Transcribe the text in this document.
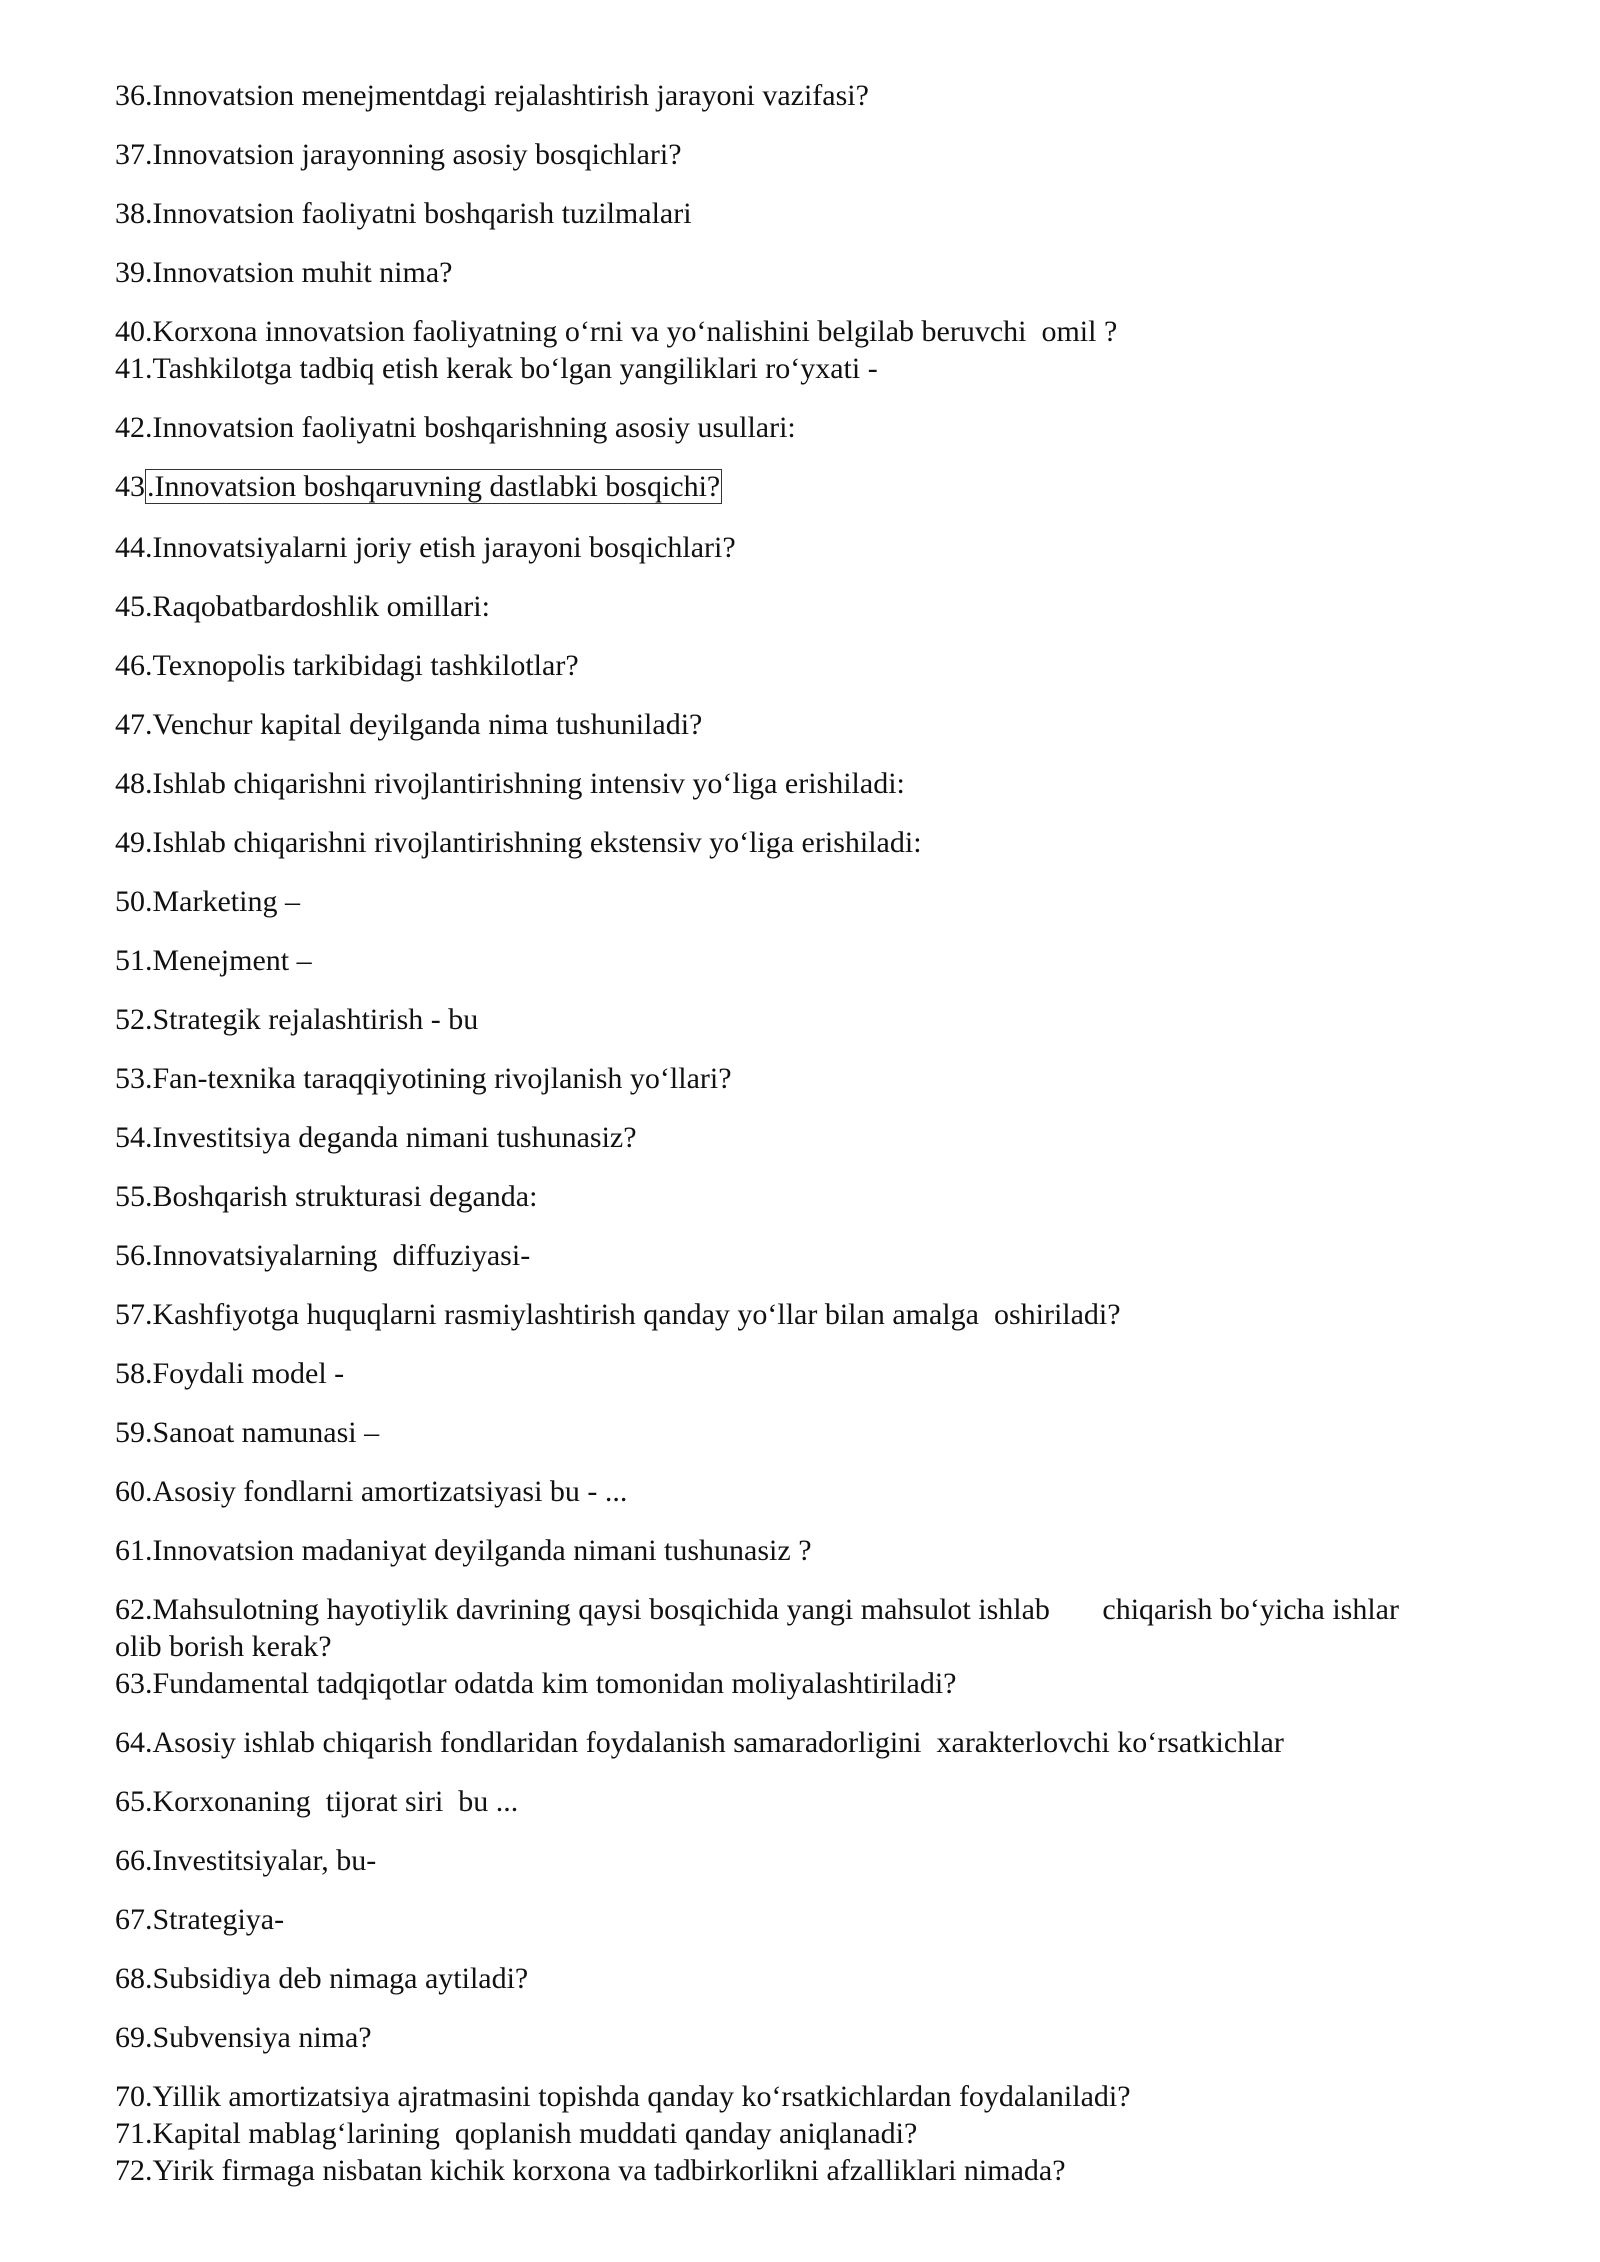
36.Innovatsion menejmentdagi rejalashtirish jarayoni vazifasi?
37.Innovatsion jarayonning asosiy bosqichlari?
38.Innovatsion faoliyatni boshqarish tuzilmalari
39.Innovatsion muhit nima?
40.Korxona innovatsion faoliyatning o‘rni va yo‘nalishini belgilab beruvchi  omil ?
41.Tashkilotga tadbiq etish kerak bo‘lgan yangiliklari ro‘yxati -
42.Innovatsion faoliyatni boshqarishning asosiy usullari:
43.Innovatsion boshqaruvning dastlabki bosqichi?
44.Innovatsiyalarni joriy etish jarayoni bosqichlari?
45.Raqobatbardoshlik omillari:
46.Texnopolis tarkibidagi tashkilotlar?
47.Venchur kapital deyilganda nima tushuniladi?
48.Ishlab chiqarishni rivojlantirishning intensiv yo‘liga erishiladi:
49.Ishlab chiqarishni rivojlantirishning ekstensiv yo‘liga erishiladi:
50.Marketing –
51.Menejment –
52.Strategik rejalashtirish - bu
53.Fan-texnika taraqqiyotining rivojlanish yo‘llari?
54.Investitsiya deganda nimani tushunasiz?
55.Boshqarish strukturasi deganda:
56.Innovatsiyalarning  diffuziyasi-
57.Kashfiyotga huquqlarni rasmiylashtirish qanday yo‘llar bilan amalga  oshiriladi?
58.Foydali model -
59.Sanoat namunasi –
60.Asosiy fondlarni amortizatsiyasi bu - ...
61.Innovatsion madaniyat deyilganda nimani tushunasiz ?
62.Mahsulotning hayotiylik davrining qaysi bosqichida yangi mahsulot ishlab       chiqarish bo‘yicha ishlar
olib borish kerak?
63.Fundamental tadqiqotlar odatda kim tomonidan moliyalashtiriladi?
64.Asosiy ishlab chiqarish fondlaridan foydalanish samaradorligini  xarakterlovchi ko‘rsatkichlar
65.Korxonaning  tijorat siri  bu ...
66.Investitsiyalar, bu-
67.Strategiya-
68.Subsidiya deb nimaga aytiladi?
69.Subvensiya nima?
70.Yillik amortizatsiya ajratmasini topishda qanday ko‘rsatkichlardan foydalaniladi?
71.Kapital mablag‘larining  qoplanish muddati qanday aniqlanadi?
72.Yirik firmaga nisbatan kichik korxona va tadbirkorlikni afzalliklari nimada?
